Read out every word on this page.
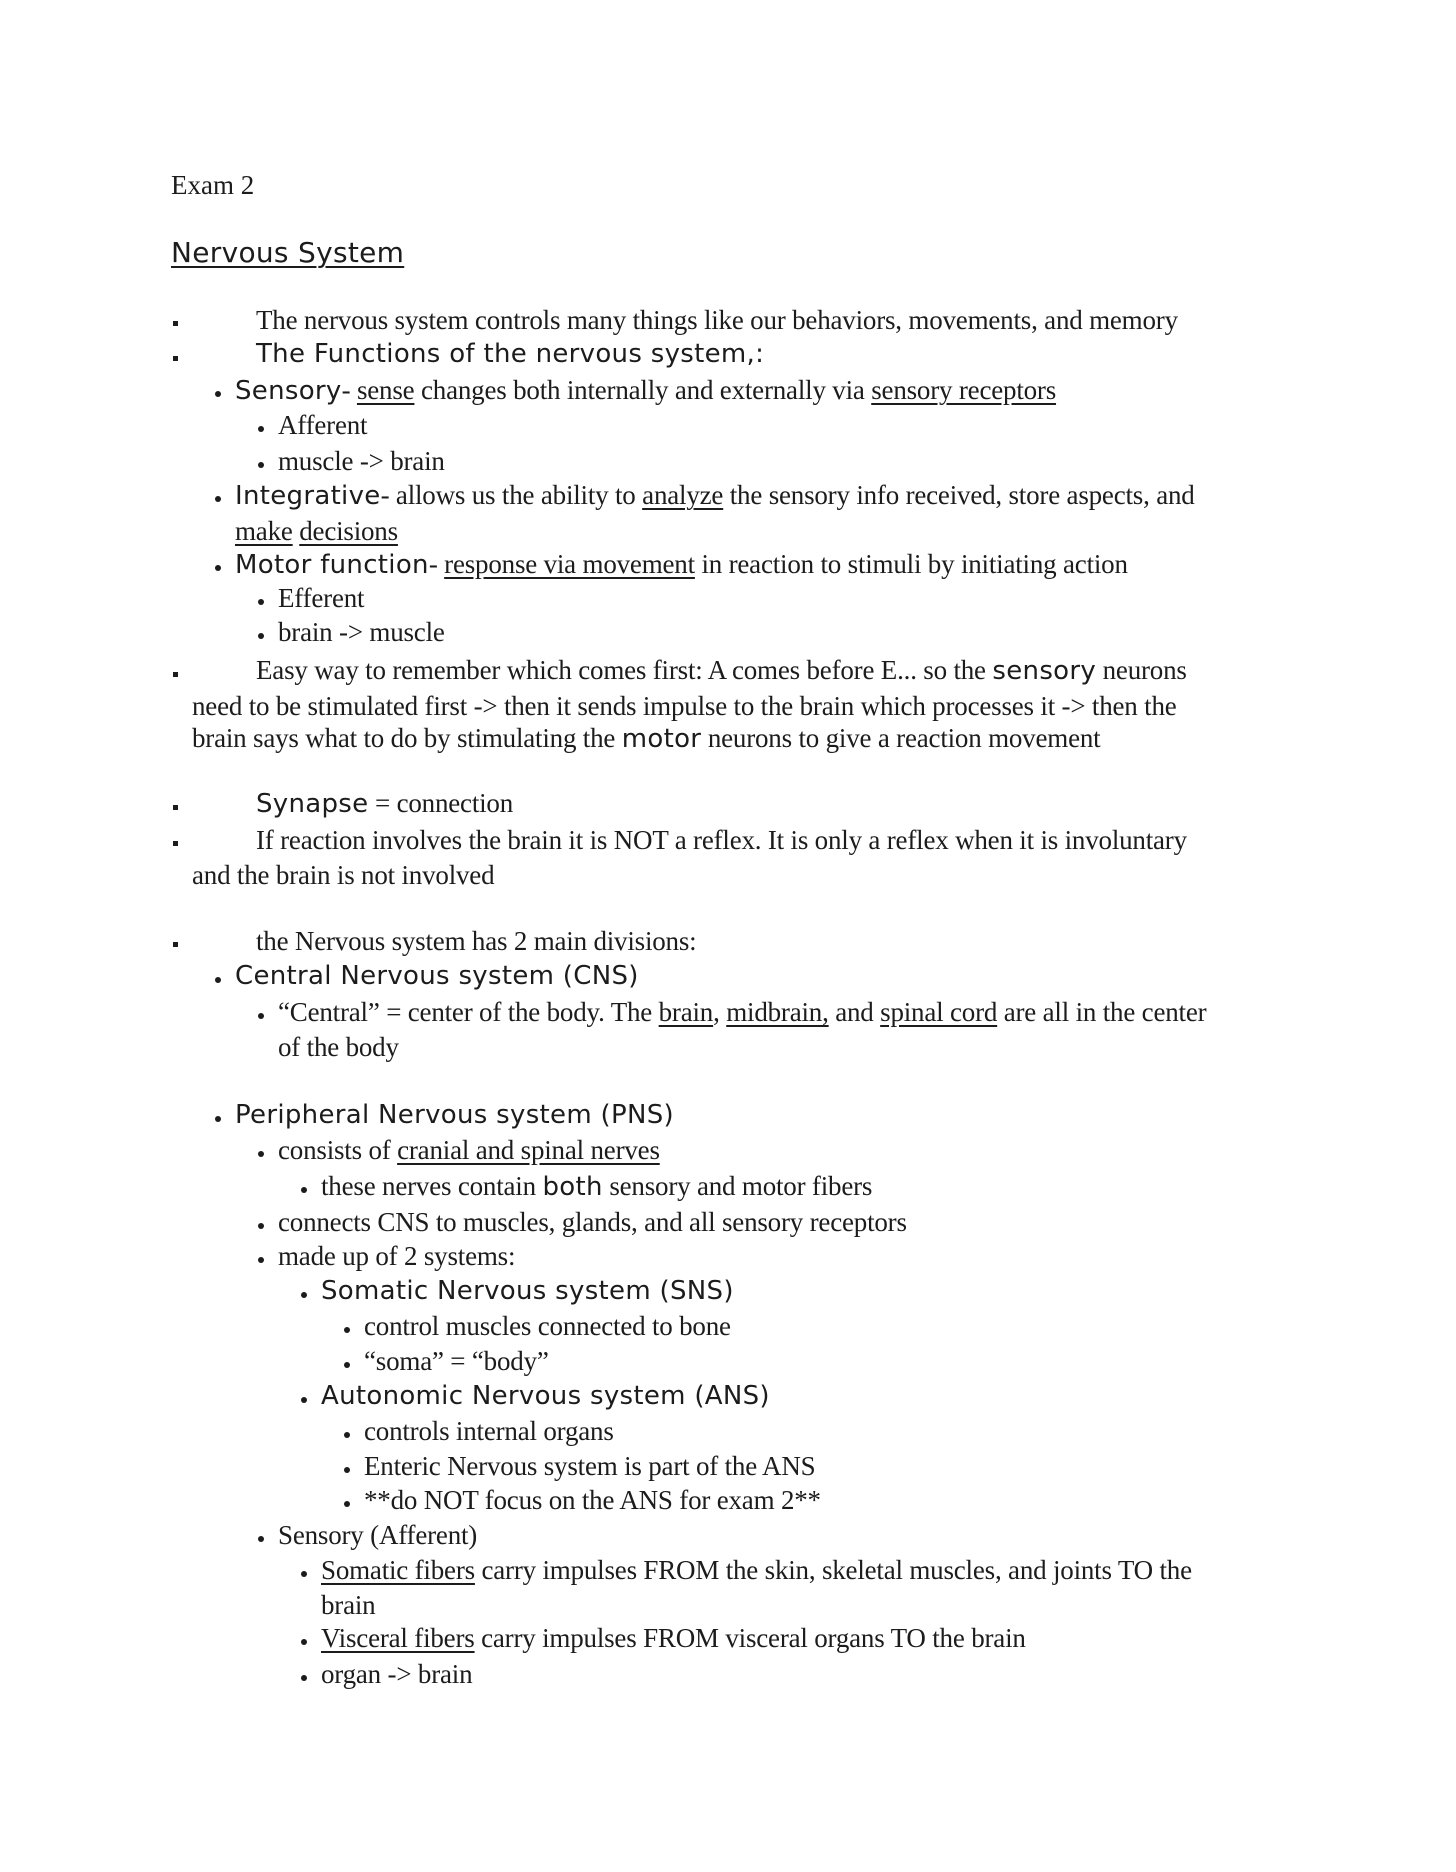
Exam 2
Nervous System
The nervous system controls many things like our behaviors, movements, and memory
The Functions of the nervous system,:
Sensory- sense changes both internally and externally via sensory receptors
Afferent
muscle -> brain
Integrative- allows us the ability to analyze the sensory info received, store aspects, and
make decisions
Motor function- response via movement in reaction to stimuli by initiating action
Efferent
brain -> muscle
Easy way to remember which comes first: A comes before E... so the sensory neurons
need to be stimulated first -> then it sends impulse to the brain which processes it -> then the
brain says what to do by stimulating the motor neurons to give a reaction movement
Synapse = connection
If reaction involves the brain it is NOT a reflex. It is only a reflex when it is involuntary
and the brain is not involved
the Nervous system has 2 main divisions:
Central Nervous system (CNS)
“Central” = center of the body. The brain, midbrain, and spinal cord are all in the center
of the body
Peripheral Nervous system (PNS)
consists of cranial and spinal nerves
these nerves contain both sensory and motor fibers
connects CNS to muscles, glands, and all sensory receptors
made up of 2 systems:
Somatic Nervous system (SNS)
control muscles connected to bone
“soma” = “body”
Autonomic Nervous system (ANS)
controls internal organs
Enteric Nervous system is part of the ANS
**do NOT focus on the ANS for exam 2**
Sensory (Afferent)
Somatic fibers carry impulses FROM the skin, skeletal muscles, and joints TO the
brain
Visceral fibers carry impulses FROM visceral organs TO the brain
organ -> brain
